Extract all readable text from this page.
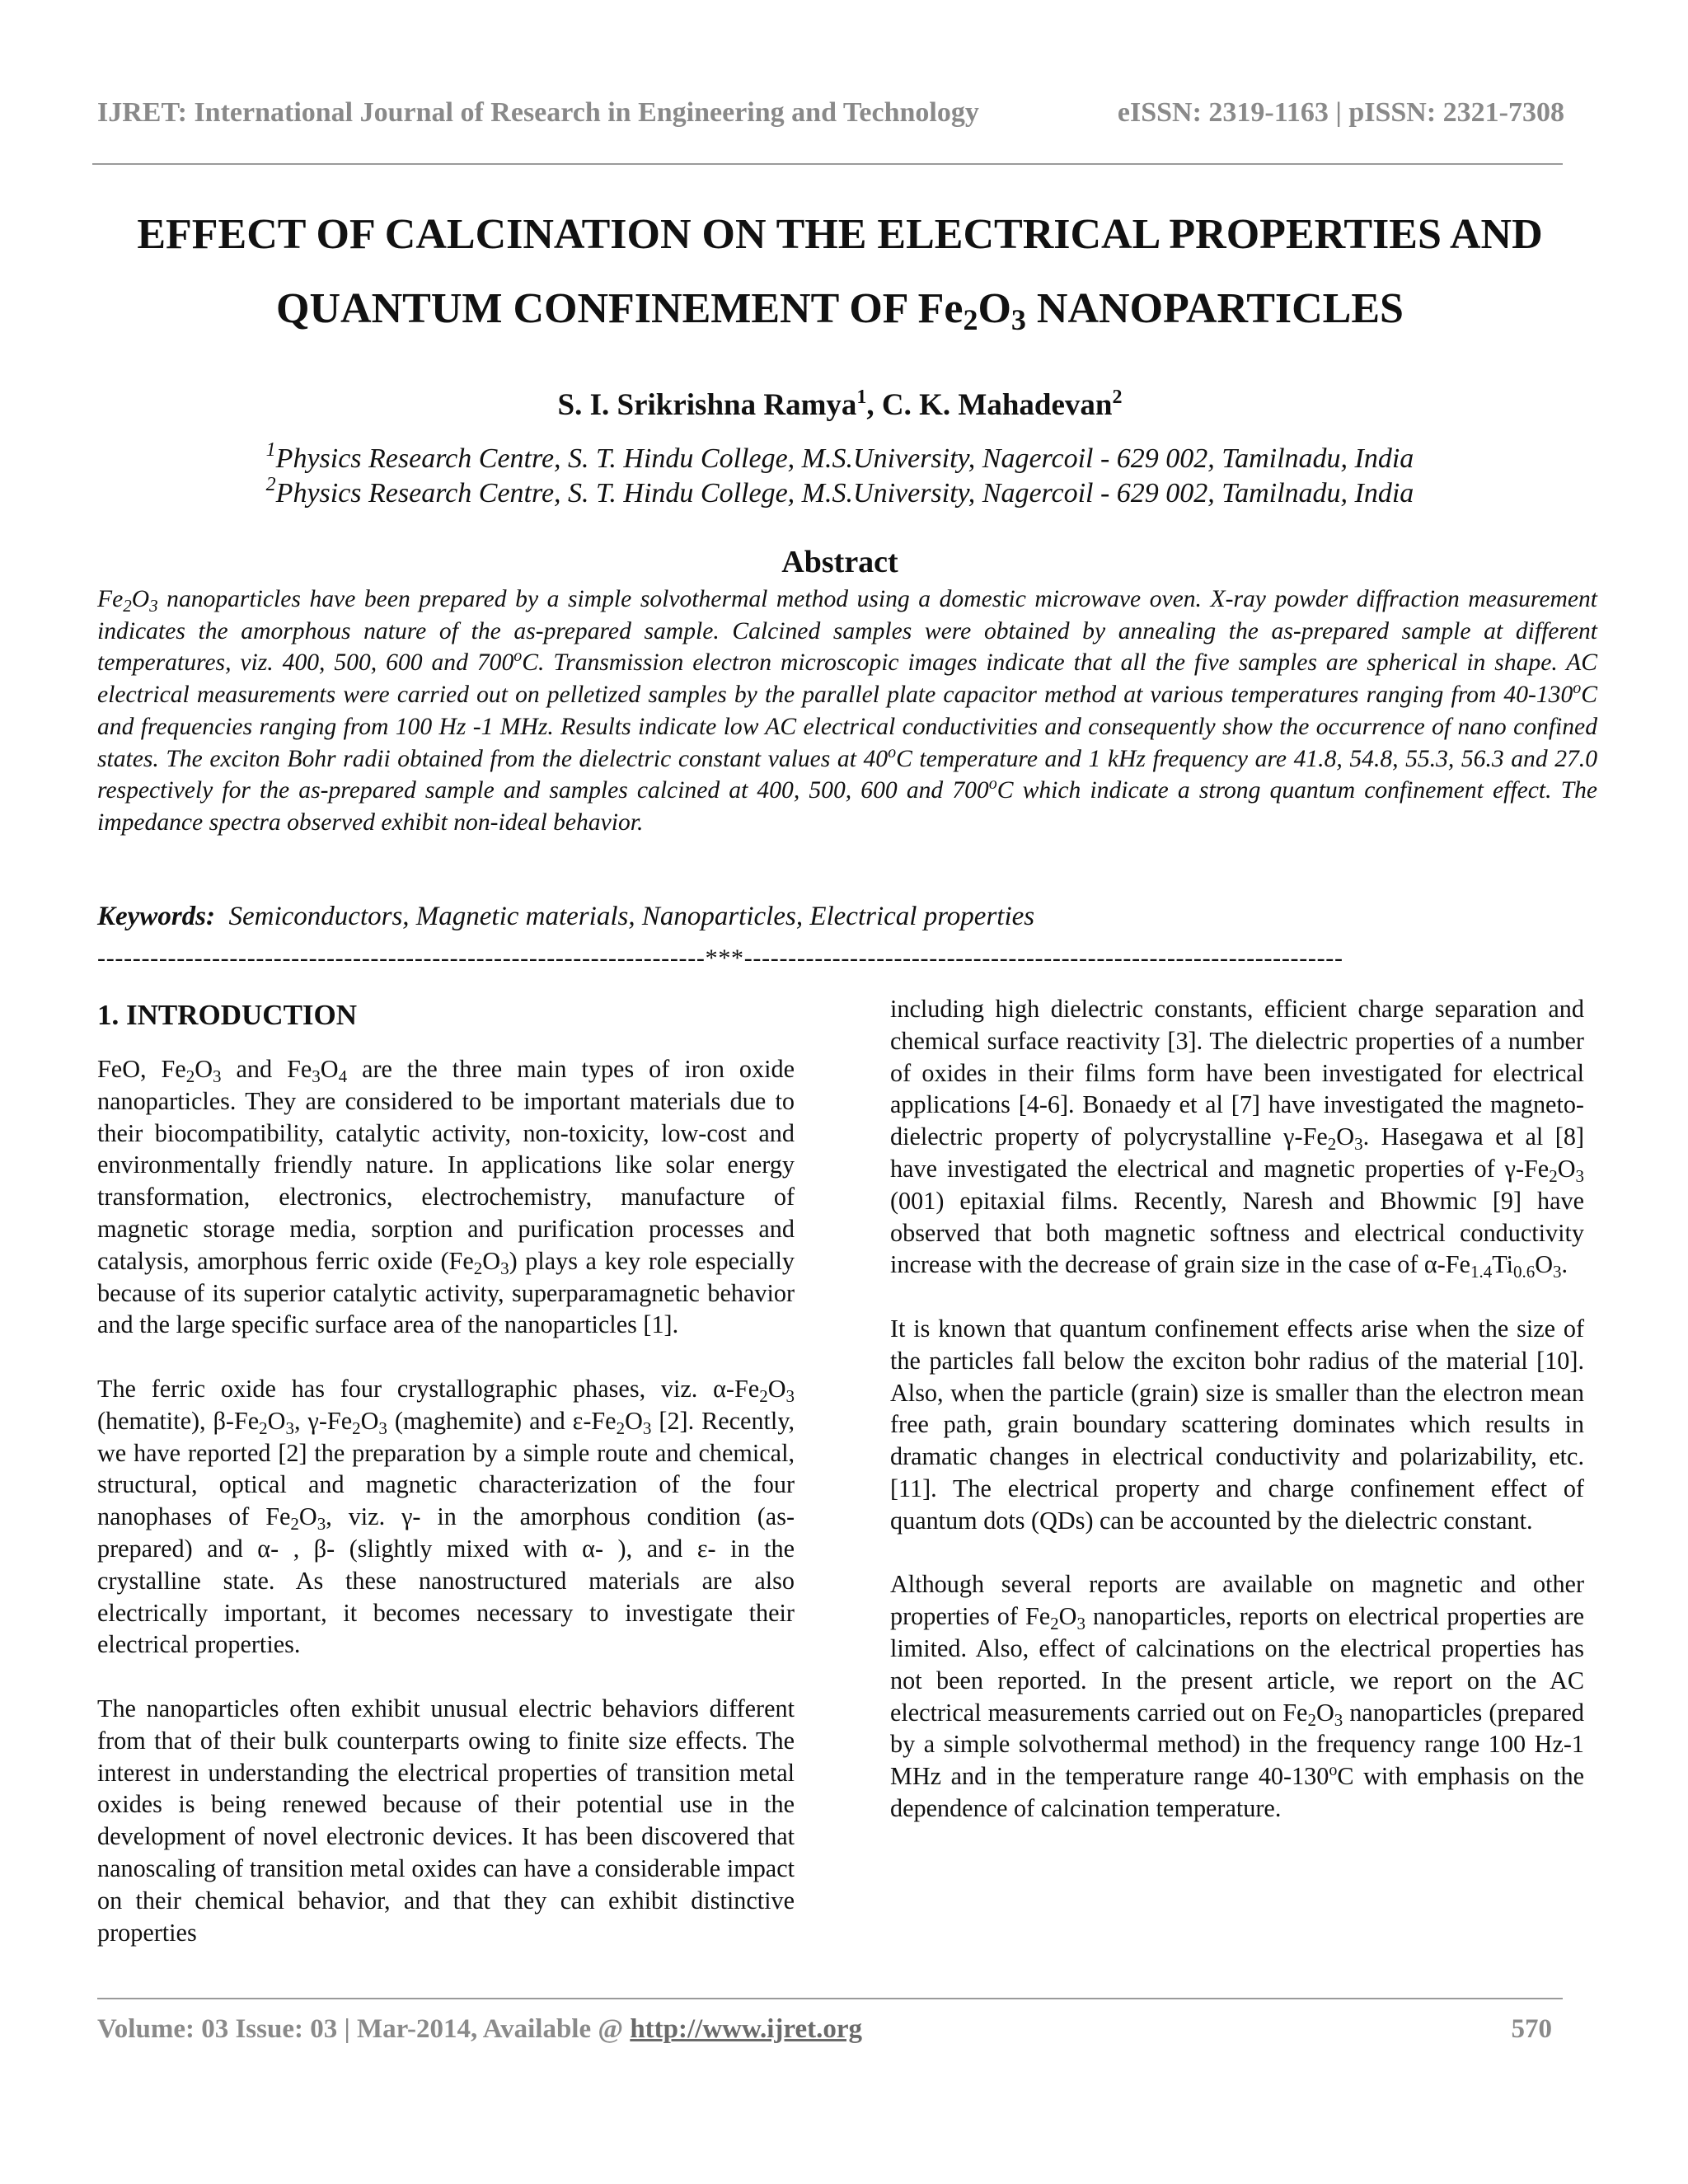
IJRET: International Journal of Research in Engineering and Technology	eISSN: 2319-1163 | pISSN: 2321-7308
EFFECT OF CALCINATION ON THE ELECTRICAL PROPERTIES AND
QUANTUM CONFINEMENT OF $Fe_2O_3$ NANOPARTICLES
S. I. Srikrishna Ramya$^1$, C. K. Mahadevan$^2$
$^1$Physics Research Centre, S. T. Hindu College, M.S.University, Nagercoil - 629 002, Tamilnadu, India
$^2$Physics Research Centre, S. T. Hindu College, M.S.University, Nagercoil - 629 002, Tamilnadu, India
Abstract
$Fe_2O_3$ nanoparticles have been prepared by a simple solvothermal method using a domestic microwave oven. X-ray powder diffraction measurement indicates the amorphous nature of the as-prepared sample. Calcined samples were obtained by annealing the as-prepared sample at different temperatures, viz. 400, 500, 600 and 700$^o$C. Transmission electron microscopic images indicate that all the five samples are spherical in shape. AC electrical measurements were carried out on pelletized samples by the parallel plate capacitor method at various temperatures ranging from 40-130$^o$C and frequencies ranging from 100 Hz -1 MHz. Results indicate low AC electrical conductivities and consequently show the occurrence of nano confined states. The exciton Bohr radii obtained from the dielectric constant values at 40$^o$C temperature and 1 kHz frequency are 41.8, 54.8, 55.3, 56.3 and 27.0 respectively for the as-prepared sample and samples calcined at 400, 500, 600 and 700$^o$C which indicate a strong quantum confinement effect. The impedance spectra observed exhibit non-ideal behavior.
Keywords:  Semiconductors, Magnetic materials, Nanoparticles, Electrical properties
---------------------------------------------------------------------***--------------------------------------------------------------------
1. INTRODUCTION

FeO, $Fe_2O_3$ and $Fe_3O_4$ are the three main types of iron oxide nanoparticles. They are considered to be important materials due to their biocompatibility, catalytic activity, non-toxicity, low-cost and environmentally friendly nature. In applications like solar energy transformation, electronics, electrochemistry, manufacture of magnetic storage media, sorption and purification processes and catalysis, amorphous ferric oxide $(Fe_2O_3)$ plays a key role especially because of its superior catalytic activity, superparamagnetic behavior and the large specific surface area of the nanoparticles [1].

The ferric oxide has four crystallographic phases, viz. $\alpha-Fe_2O_3$ (hematite), $\beta-Fe_2O_3$, $\gamma-Fe_2O_3$ (maghemite) and $\varepsilon-Fe_2O_3$ [2]. Recently, we have reported [2] the preparation by a simple route and chemical, structural, optical and magnetic characterization of the four nanophases of $Fe_2O_3$, viz. γ- in the amorphous condition (as-prepared) and α- , β- (slightly mixed with α- ), and ε- in the crystalline state. As these nanostructured materials are also electrically important, it becomes necessary to investigate their electrical properties.

The nanoparticles often exhibit unusual electric behaviors different from that of their bulk counterparts owing to finite size effects. The interest in understanding the electrical properties of transition metal oxides is being renewed because of their potential use in the development of novel electronic devices. It has been discovered that nanoscaling of transition metal oxides can have a considerable impact on their chemical behavior, and that they can exhibit distinctive properties

including high dielectric constants, efficient charge separation and chemical surface reactivity [3]. The dielectric properties of a number of oxides in their films form have been investigated for electrical applications [4-6]. Bonaedy et al [7] have investigated the magneto-dielectric property of polycrystalline $\gamma-Fe_2O_3$. Hasegawa et al [8] have investigated the electrical and magnetic properties of $\gamma-Fe_2O_3$ (001) epitaxial films. Recently, Naresh and Bhowmic [9] have observed that both magnetic softness and electrical conductivity increase with the decrease of grain size in the case of $\alpha-Fe_{1.4}Ti_{0.6}O_3$.

It is known that quantum confinement effects arise when the size of the particles fall below the exciton bohr radius of the material [10]. Also, when the particle (grain) size is smaller than the electron mean free path, grain boundary scattering dominates which results in dramatic changes in electrical conductivity and polarizability, etc. [11]. The electrical property and charge confinement effect of quantum dots (QDs) can be accounted by the dielectric constant.

Although several reports are available on magnetic and other properties of $Fe_2O_3$ nanoparticles, reports on electrical properties are limited. Also, effect of calcinations on the electrical properties has not been reported. In the present article, we report on the AC electrical measurements carried out on $Fe_2O_3$ nanoparticles (prepared by a simple solvothermal method) in the frequency range 100 Hz-1 MHz and in the temperature range 40-130$^o$C with emphasis on the dependence of calcination temperature.

Volume: 03 Issue: 03 | Mar-2014, Available @ http://www.ijret.org	570
